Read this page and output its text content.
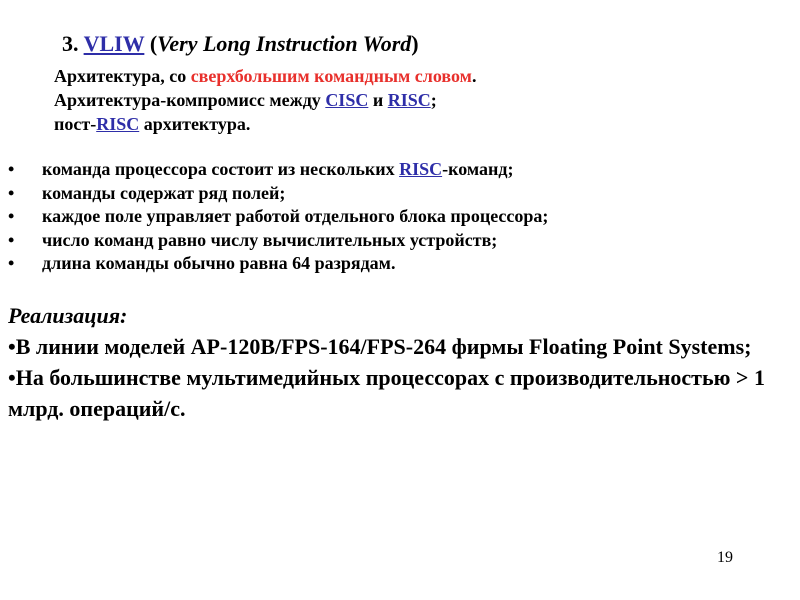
3. VLIW (Very Long Instruction Word)
Архитектура, со сверхбольшим командным словом.
Архитектура-компромисс между CISC и RISC;
пост-RISC архитектура.
• команда процессора состоит из нескольких RISC-команд;
• команды содержат ряд полей;
• каждое поле управляет работой отдельного блока процессора;
• число команд равно числу вычислительных устройств;
• длина команды обычно равна 64 разрядам.
Реализация:
•В линии моделей AP-120B/FPS-164/FPS-264 фирмы Floating Point Systems;
•На большинстве мультимедийных процессорах с производительностью > 1 млрд. операций/c.
19
